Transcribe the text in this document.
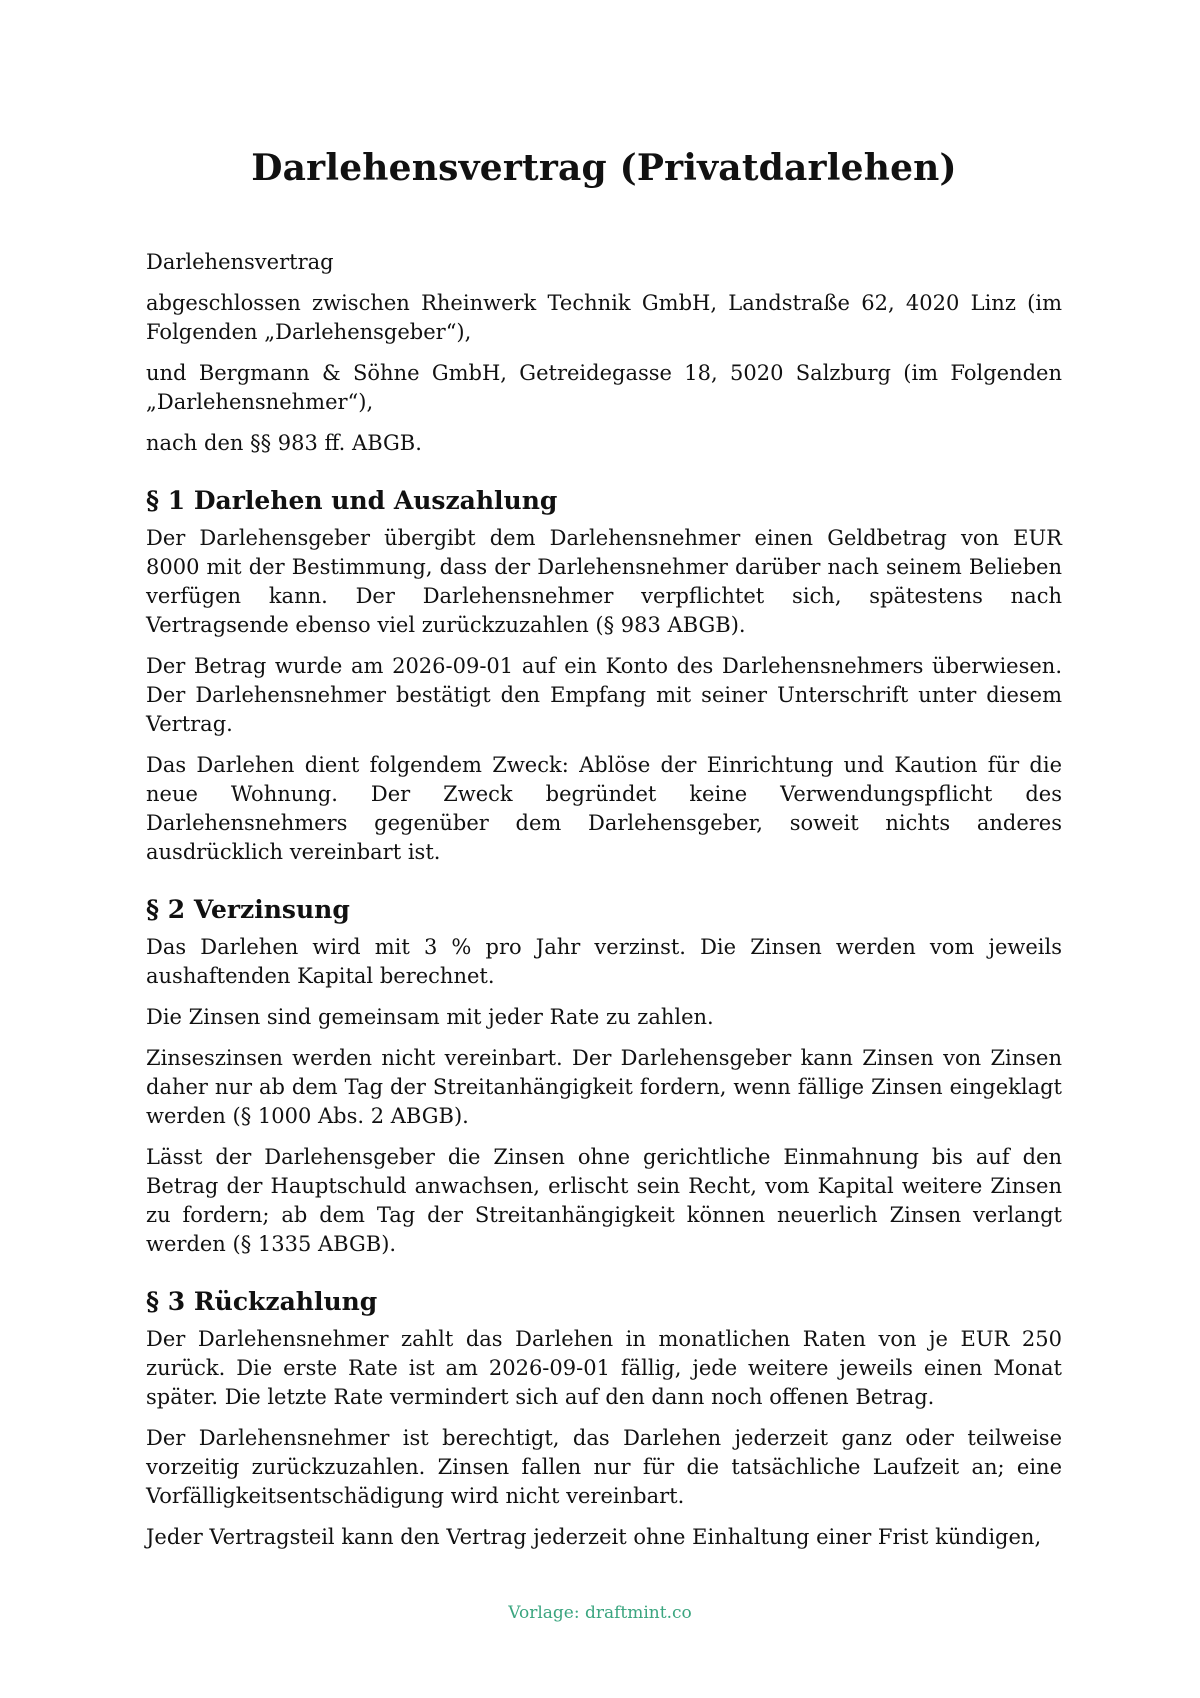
Darlehensvertrag (Privatdarlehen)

Darlehensvertrag

abgeschlossen zwischen Rheinwerk Technik GmbH, Landstraße 62, 4020 Linz (im Folgenden „Darlehensgeber“),

und Bergmann & Söhne GmbH, Getreidegasse 18, 5020 Salzburg (im Folgenden „Darlehensnehmer“),

nach den §§ 983 ff. ABGB.

§ 1 Darlehen und Auszahlung

Der Darlehensgeber übergibt dem Darlehensnehmer einen Geldbetrag von EUR 8000 mit der Bestimmung, dass der Darlehensnehmer darüber nach seinem Belieben verfügen kann. Der Darlehensnehmer verpflichtet sich, spätestens nach Vertragsende ebenso viel zurückzuzahlen (§ 983 ABGB).

Der Betrag wurde am 2026-09-01 auf ein Konto des Darlehensnehmers überwiesen. Der Darlehensnehmer bestätigt den Empfang mit seiner Unterschrift unter diesem Vertrag.

Das Darlehen dient folgendem Zweck: Ablöse der Einrichtung und Kaution für die neue Wohnung. Der Zweck begründet keine Verwendungspflicht des Darlehensnehmers gegenüber dem Darlehensgeber, soweit nichts anderes ausdrücklich vereinbart ist.

§ 2 Verzinsung

Das Darlehen wird mit 3 % pro Jahr verzinst. Die Zinsen werden vom jeweils aushaftenden Kapital berechnet.

Die Zinsen sind gemeinsam mit jeder Rate zu zahlen.

Zinseszinsen werden nicht vereinbart. Der Darlehensgeber kann Zinsen von Zinsen daher nur ab dem Tag der Streitanhängigkeit fordern, wenn fällige Zinsen eingeklagt werden (§ 1000 Abs. 2 ABGB).

Lässt der Darlehensgeber die Zinsen ohne gerichtliche Einmahnung bis auf den Betrag der Hauptschuld anwachsen, erlischt sein Recht, vom Kapital weitere Zinsen zu fordern; ab dem Tag der Streitanhängigkeit können neuerlich Zinsen verlangt werden (§ 1335 ABGB).

§ 3 Rückzahlung

Der Darlehensnehmer zahlt das Darlehen in monatlichen Raten von je EUR 250 zurück. Die erste Rate ist am 2026-09-01 fällig, jede weitere jeweils einen Monat später. Die letzte Rate vermindert sich auf den dann noch offenen Betrag.

Der Darlehensnehmer ist berechtigt, das Darlehen jederzeit ganz oder teilweise vorzeitig zurückzuzahlen. Zinsen fallen nur für die tatsächliche Laufzeit an; eine Vorfälligkeitsentschädigung wird nicht vereinbart.

Jeder Vertragsteil kann den Vertrag jederzeit ohne Einhaltung einer Frist kündigen,

Vorlage: draftmint.co
